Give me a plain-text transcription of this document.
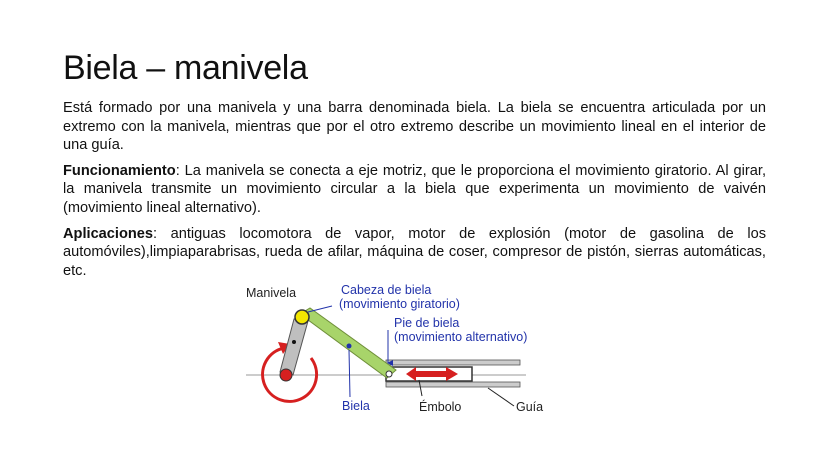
Biela – manivela

Está formado por una manivela y una barra denominada biela. La biela se encuentra articulada por un extremo con la manivela, mientras que por el otro extremo describe un movimiento lineal en el interior de una guía.

Funcionamiento: La manivela se conecta a eje motriz, que le proporciona el movimiento giratorio. Al girar, la manivela transmite un movimiento circular a la biela que experimenta un movimiento de vaivén (movimiento lineal alternativo).

Aplicaciones: antiguas locomotora de vapor, motor de explosión (motor de gasolina de los automóviles),limpiaparabrisas, rueda de afilar, máquina de coser, compresor de pistón, sierras automáticas, etc.

Manivela	Cabeza de biela
(movimiento giratorio)
Pie de biela
(movimiento alternativo)
Biela	Émbolo	Guía
